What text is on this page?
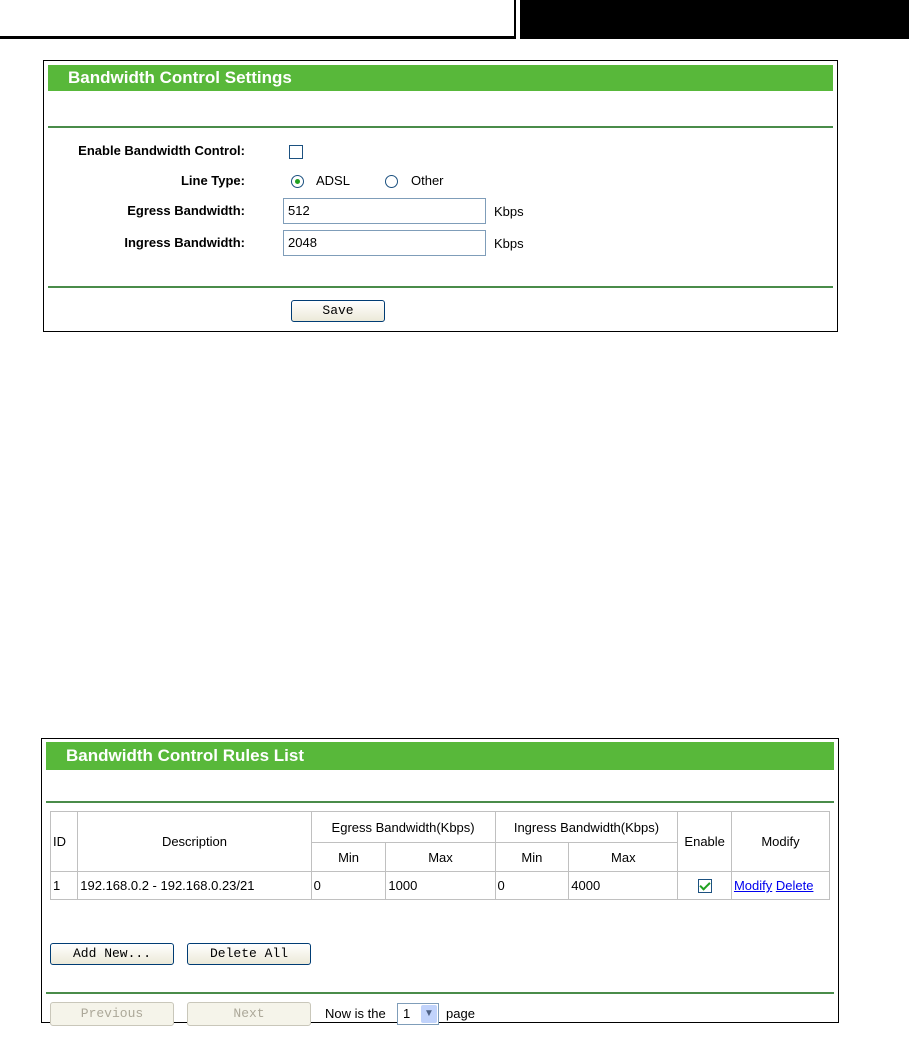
Bandwidth Control Settings
Enable Bandwidth Control:
Line Type:	ADSL	Other
Egress Bandwidth:	512	Kbps
Ingress Bandwidth:	2048	Kbps
Save
Bandwidth Control Rules List
ID	Description	Egress Bandwidth(Kbps)		Ingress Bandwidth(Kbps)		Enable	Modify
		Min	Max	Min	Max		
1	192.168.0.2 - 192.168.0.23/21	0	1000	0	4000		Modify Delete
Add New...	Delete All
Previous	Next	Now is the	1	▼ page
